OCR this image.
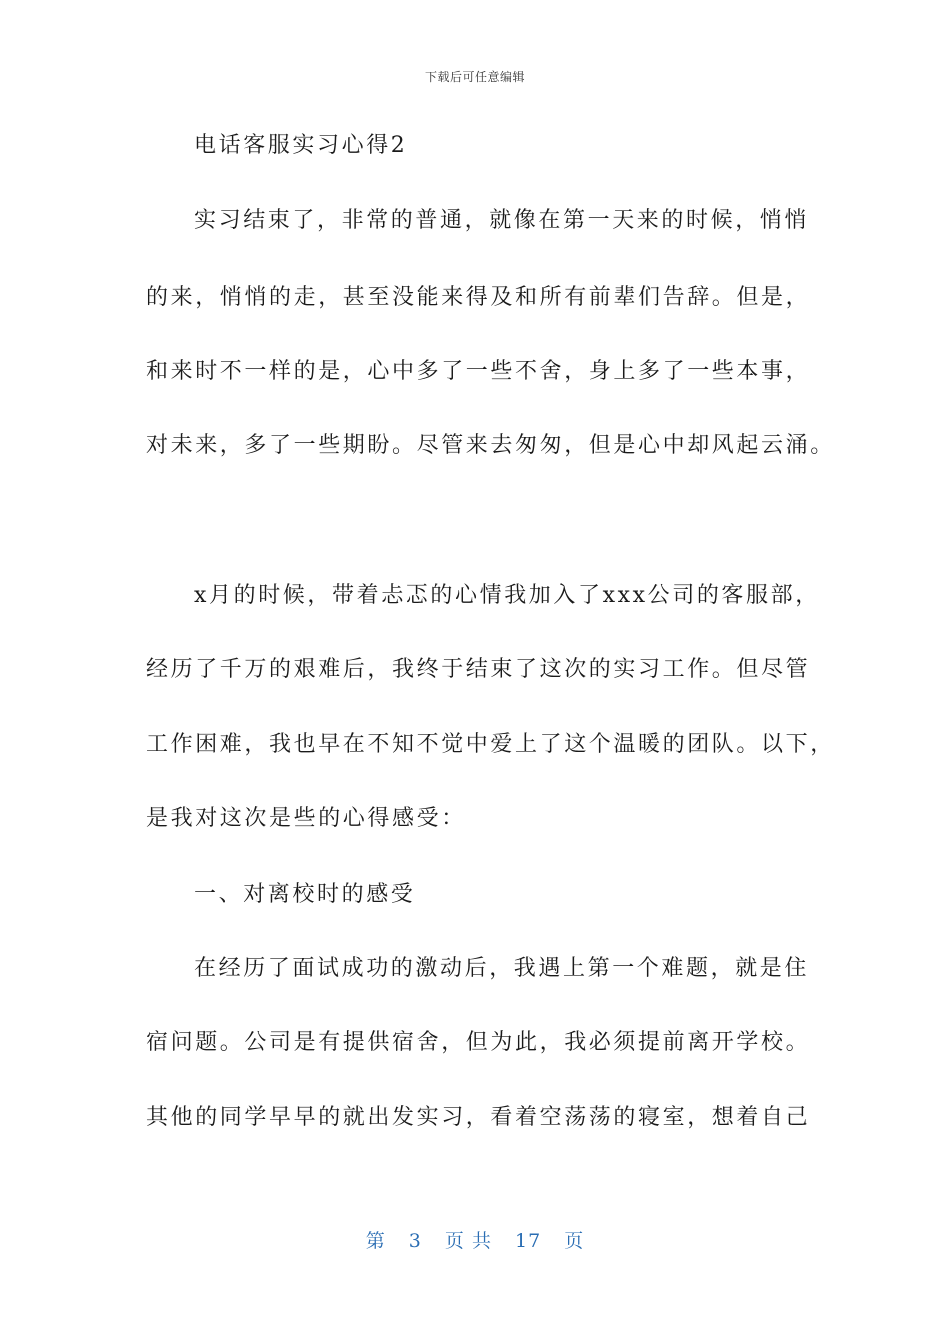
下载后可任意编辑
电话客服实习心得2
实习结束了，非常的普通，就像在第一天来的时候，悄悄
的来，悄悄的走，甚至没能来得及和所有前辈们告辞。但是，
和来时不一样的是，心中多了一些不舍，身上多了一些本事，
对未来，多了一些期盼。尽管来去匆匆，但是心中却风起云涌。
x月的时候，带着忐忑的心情我加入了xxx公司的客服部，
经历了千万的艰难后，我终于结束了这次的实习工作。但尽管
工作困难，我也早在不知不觉中爱上了这个温暖的团队。以下，
是我对这次是些的心得感受：
一、对离校时的感受
在经历了面试成功的激动后，我遇上第一个难题，就是住
宿问题。公司是有提供宿舍，但为此，我必须提前离开学校。
其他的同学早早的就出发实习，看着空荡荡的寝室，想着自己
第 3 页 共 17 页
